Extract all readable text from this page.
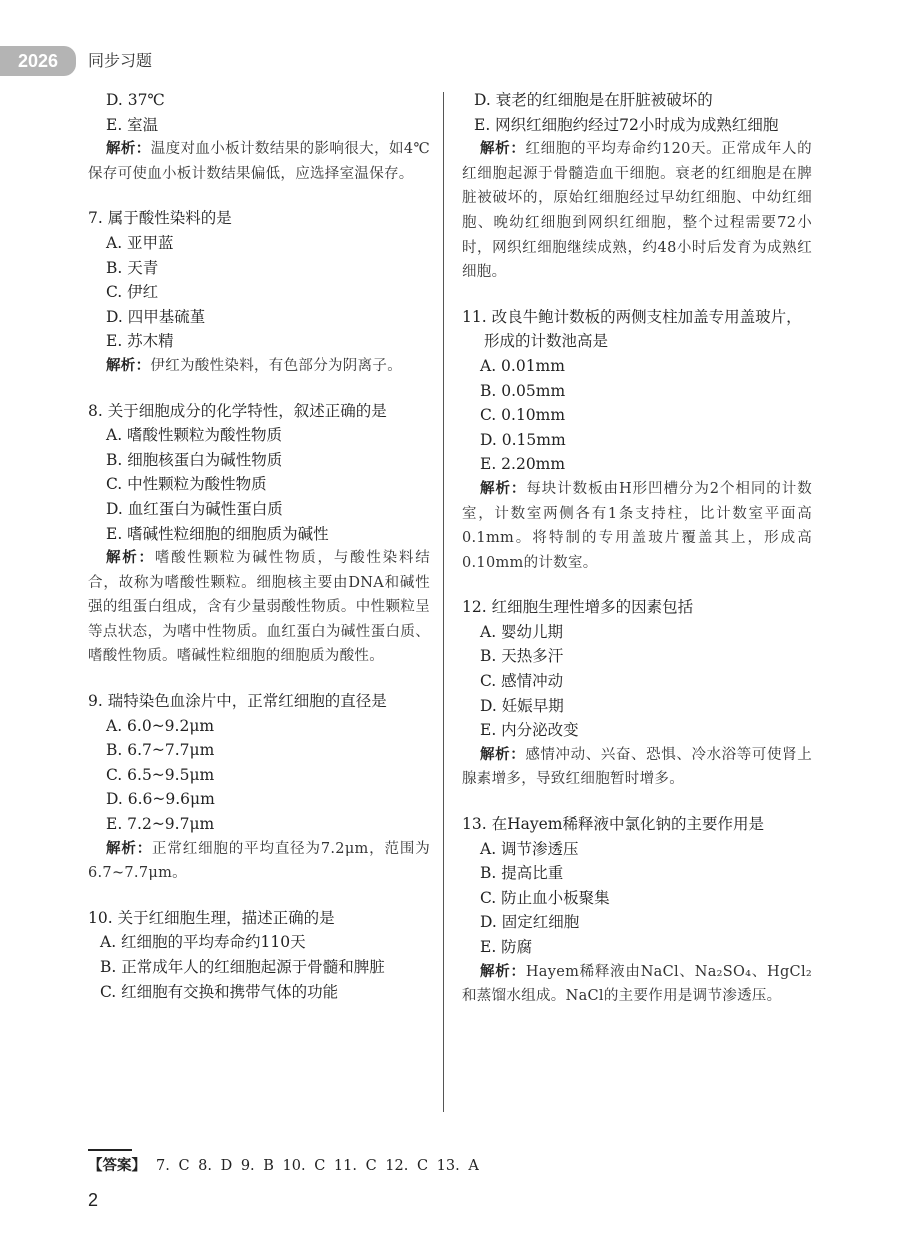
2026	同步习题
D. 37℃
E. 室温
解析：温度对血小板计数结果的影响很大，如4℃保存可使血小板计数结果偏低，应选择室温保存。
7. 属于酸性染料的是
A. 亚甲蓝
B. 天青
C. 伊红
D. 四甲基硫堇
E. 苏木精
解析：伊红为酸性染料，有色部分为阴离子。
8. 关于细胞成分的化学特性，叙述正确的是
A. 嗜酸性颗粒为酸性物质
B. 细胞核蛋白为碱性物质
C. 中性颗粒为酸性物质
D. 血红蛋白为碱性蛋白质
E. 嗜碱性粒细胞的细胞质为碱性
解析：嗜酸性颗粒为碱性物质，与酸性染料结合，故称为嗜酸性颗粒。细胞核主要由DNA和碱性强的组蛋白组成，含有少量弱酸性物质。中性颗粒呈等点状态，为嗜中性物质。血红蛋白为碱性蛋白质、嗜酸性物质。嗜碱性粒细胞的细胞质为酸性。
9. 瑞特染色血涂片中，正常红细胞的直径是
A. 6.0~9.2μm
B. 6.7~7.7μm
C. 6.5~9.5μm
D. 6.6~9.6μm
E. 7.2~9.7μm
解析：正常红细胞的平均直径为7.2μm，范围为6.7~7.7μm。
10. 关于红细胞生理，描述正确的是
A. 红细胞的平均寿命约110天
B. 正常成年人的红细胞起源于骨髓和脾脏
C. 红细胞有交换和携带气体的功能
D. 衰老的红细胞是在肝脏被破坏的
E. 网织红细胞约经过72小时成为成熟红细胞
解析：红细胞的平均寿命约120天。正常成年人的红细胞起源于骨髓造血干细胞。衰老的红细胞是在脾脏被破坏的，原始红细胞经过早幼红细胞、中幼红细胞、晚幼红细胞到网织红细胞，整个过程需要72小时，网织红细胞继续成熟，约48小时后发育为成熟红细胞。
11. 改良牛鲍计数板的两侧支柱加盖专用盖玻片，形成的计数池高是
A. 0.01mm
B. 0.05mm
C. 0.10mm
D. 0.15mm
E. 2.20mm
解析：每块计数板由H形凹槽分为2个相同的计数室，计数室两侧各有1条支持柱，比计数室平面高0.1mm。将特制的专用盖玻片覆盖其上，形成高0.10mm的计数室。
12. 红细胞生理性增多的因素包括
A. 婴幼儿期
B. 天热多汗
C. 感情冲动
D. 妊娠早期
E. 内分泌改变
解析：感情冲动、兴奋、恐惧、冷水浴等可使肾上腺素增多，导致红细胞暂时增多。
13. 在Hayem稀释液中氯化钠的主要作用是
A. 调节渗透压
B. 提高比重
C. 防止血小板聚集
D. 固定红细胞
E. 防腐
解析：Hayem稀释液由NaCl、Na₂SO₄、HgCl₂和蒸馏水组成。NaCl的主要作用是调节渗透压。
【答案】 7. C 8. D 9. B 10. C 11. C 12. C 13. A
2
